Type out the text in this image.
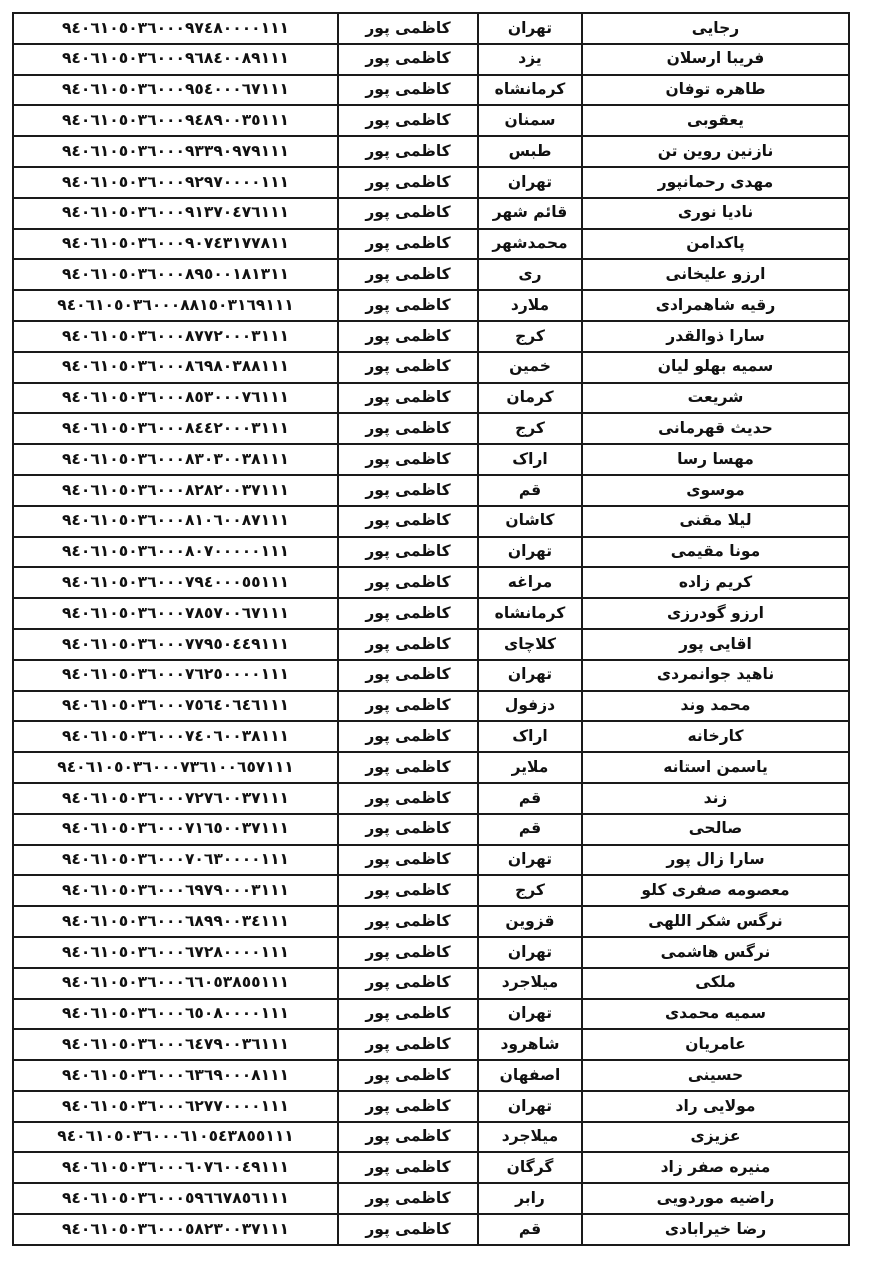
۹٤٠٦١٠٥٠٣٦٠٠٠٩٧٤٨٠٠٠٠١١١	کاظمی پور	تهران	رجایی
۹٤٠٦١٠٥٠٣٦٠٠٠٩٦٨٤٠٠٨٩١١١	کاظمی پور	یزد	فریبا ارسلان
۹٤٠٦١٠٥٠٣٦٠٠٠۹٥٤٠٠٠٦٧١١١	کاظمی پور	کرمانشاه	طاهره توفان
۹٤٠٦١٠٥٠٣٦٠٠٠۹٤٨۹٠٠٣٥١١١	کاظمی پور	سمنان	یعقوبی
۹٤٠٦١٠٥٠٣٦٠٠٠۹٣٣۹٠۹٧۹١١١	کاظمی پور	طبس	نازنین روین تن
۹٤٠٦١٠٥٠٣٦٠٠٠۹٢۹٧٠٠٠٠١١١	کاظمی پور	تهران	مهدی رحمانپور
۹٤٠٦١٠٥٠٣٦٠٠٠۹١٣٧٠٤٧٦١١١	کاظمی پور	قائم شهر	نادیا نوری
۹٤٠٦١٠٥٠٣٦٠٠٠۹٠٧٤٣١٧٧٨١١	کاظمی پور	محمدشهر	پاکدامن
۹٤٠٦١٠٥٠٣٦٠٠٠٨۹٥٠٠١٨١٣١١	کاظمی پور	ری	ارزو علیخانی
۹٤٠٦١٠٥٠٣٦٠٠٠٨٨١٥٠٣١٦۹١١١	کاظمی پور	ملارد	رقیه شاهمرادی
۹٤٠٦١٠٥٠٣٦٠٠٠٨٧٧٢٠٠٠٣١١١	کاظمی پور	کرج	سارا ذوالقدر
۹٤٠٦١٠٥٠٣٦٠٠٠٨٦۹٨٠٣٨٨١١١	کاظمی پور	خمین	سمیه بهلو لیان
۹٤٠٦١٠٥٠٣٦٠٠٠٨٥٣٠٠٠٧٦١١١	کاظمی پور	کرمان	شریعت
۹٤٠٦١٠٥٠٣٦٠٠٠٨٤٤٢٠٠٠٣١١١	کاظمی پور	کرج	حدیث قهرمانی
۹٤٠٦١٠٥٠٣٦٠٠٠٨٣٠٣٠٠٣٨١١١	کاظمی پور	اراک	مهسا رسا
۹٤٠٦١٠٥٠٣٦٠٠٠٨٢٨٢٠٠٣٧١١١	کاظمی پور	قم	موسوی
۹٤٠٦١٠٥٠٣٦٠٠٠٨١٠٦٠٠٨٧١١١	کاظمی پور	کاشان	لیلا مقنی
۹٤٠٦١٠٥٠٣٦٠٠٠٨٠٧٠٠٠٠٠١١١	کاظمی پور	تهران	مونا مقیمی
۹٤٠٦١٠٥٠٣٦٠٠٠٧۹٤٠٠٠٥٥١١١	کاظمی پور	مراغه	کریم زاده
۹٤٠٦١٠٥٠٣٦٠٠٠٧٨٥٧٠٠٦٧١١١	کاظمی پور	کرمانشاه	ارزو گودرزی
۹٤٠٦١٠٥٠٣٦٠٠٠٧٧۹٥٠٤٤۹١١١	کاظمی پور	کلاچای	اقایی پور
۹٤٠٦١٠٥٠٣٦٠٠٠٧٦٢٥٠٠٠٠١١١	کاظمی پور	تهران	ناهید جوانمردی
۹٤٠٦١٠٥٠٣٦٠٠٠٧٥٦٤٠٦٤٦١١١	کاظمی پور	دزفول	محمد وند
۹٤٠٦١٠٥٠٣٦٠٠٠٧٤٠٦٠٠٣٨١١١	کاظمی پور	اراک	کارخانه
۹٤٠٦١٠٥٠٣٦٠٠٠٧٣٦١٠٠٦٥٧١١١	کاظمی پور	ملایر	یاسمن استانه
۹٤٠٦١٠٥٠٣٦٠٠٠٧٢٧٦٠٠٣٧١١١	کاظمی پور	قم	زند
۹٤٠٦١٠٥٠٣٦٠٠٠٧١٦٥٠٠٣٧١١١	کاظمی پور	قم	صالحی
۹٤٠٦١٠٥٠٣٦٠٠٠٧٠٦٣٠٠٠٠١١١	کاظمی پور	تهران	سارا زال پور
۹٤٠٦١٠٥٠٣٦٠٠٠٦۹٧۹٠٠٠٣١١١	کاظمی پور	کرج	معصومه صفری کلو
۹٤٠٦١٠٥٠٣٦٠٠٠٦٨۹۹٠٠٣٤١١١	کاظمی پور	قزوین	نرگس شکر اللهی
۹٤٠٦١٠٥٠٣٦٠٠٠٦٧٢٨٠٠٠٠١١١	کاظمی پور	تهران	نرگس هاشمی
۹٤٠٦١٠٥٠٣٦٠٠٠٦٦٠٥٣٨٥٥١١١	کاظمی پور	میلاجرد	ملکی
۹٤٠٦١٠٥٠٣٦٠٠٠٦٥٠٨٠٠٠٠١١١	کاظمی پور	تهران	سمیه محمدی
۹٤٠٦١٠٥٠٣٦٠٠٠٦٤٧۹٠٠٣٦١١١	کاظمی پور	شاهرود	عامریان
۹٤٠٦١٠٥٠٣٦٠٠٠٦٣٦۹٠٠٠٨١١١	کاظمی پور	اصفهان	حسینی
۹٤٠٦١٠٥٠٣٦٠٠٠٦٢٧٧٠٠٠٠١١١	کاظمی پور	تهران	مولایی راد
۹٤٠٦١٠٥٠٣٦٠٠٠٦١٠٥٤٣٨٥٥١١١	کاظمی پور	میلاجرد	عزیزی
۹٤٠٦١٠٥٠٣٦٠٠٠٦٠٧٦٠٠٤۹١١١	کاظمی پور	گرگان	منیره صفر زاد
۹٤٠٦١٠٥٠٣٦٠٠٠٥۹٦٦٧٨٥٦١١١	کاظمی پور	رابر	راضیه موردویی
۹٤٠٦١٠٥٠٣٦٠٠٠٥٨٢٣٠٠٣٧١١١	کاظمی پور	قم	رضا خیرابادی
